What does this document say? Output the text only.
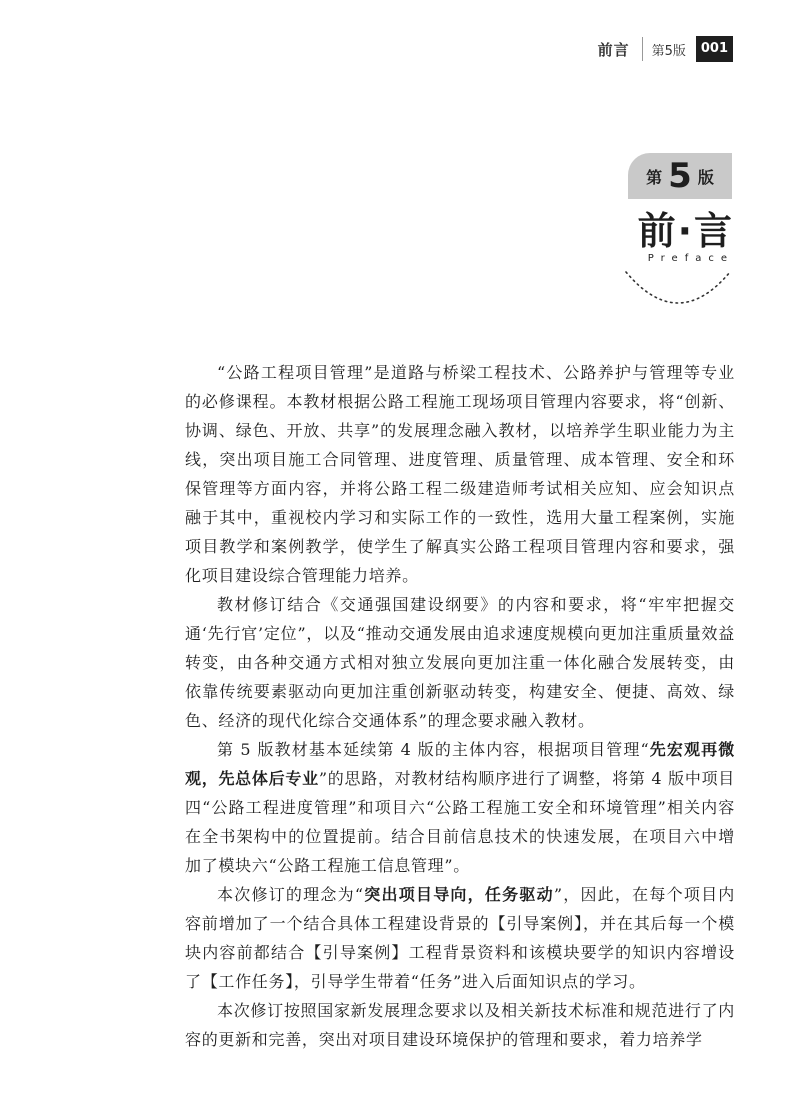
前言 第5版	001
第 5 版
前·言
Preface

“公路工程项目管理”是道路与桥梁工程技术、公路养护与管理等专业的必修课程。本教材根据公路工程施工现场项目管理内容要求，将“创新、协调、绿色、开放、共享”的发展理念融入教材，以培养学生职业能力为主线，突出项目施工合同管理、进度管理、质量管理、成本管理、安全和环保管理等方面内容，并将公路工程二级建造师考试相关应知、应会知识点融于其中，重视校内学习和实际工作的一致性，选用大量工程案例，实施项目教学和案例教学，使学生了解真实公路工程项目管理内容和要求，强化项目建设综合管理能力培养。

教材修订结合《交通强国建设纲要》的内容和要求，将“牢牢把握交通‘先行官’定位”，以及“推动交通发展由追求速度规模向更加注重质量效益转变，由各种交通方式相对独立发展向更加注重一体化融合发展转变，由依靠传统要素驱动向更加注重创新驱动转变，构建安全、便捷、高效、绿色、经济的现代化综合交通体系”的理念要求融入教材。

第 5 版教材基本延续第 4 版的主体内容，根据项目管理“先宏观再微观，先总体后专业”的思路，对教材结构顺序进行了调整，将第 4 版中项目四“公路工程进度管理”和项目六“公路工程施工安全和环境管理”相关内容在全书架构中的位置提前。结合目前信息技术的快速发展，在项目六中增加了模块六“公路工程施工信息管理”。

本次修订的理念为“突出项目导向，任务驱动”，因此，在每个项目内容前增加了一个结合具体工程建设背景的【引导案例】，并在其后每一个模块内容前都结合【引导案例】工程背景资料和该模块要学的知识内容增设了【工作任务】，引导学生带着“任务”进入后面知识点的学习。

本次修订按照国家新发展理念要求以及相关新技术标准和规范进行了内容的更新和完善，突出对项目建设环境保护的管理和要求，着力培养学
